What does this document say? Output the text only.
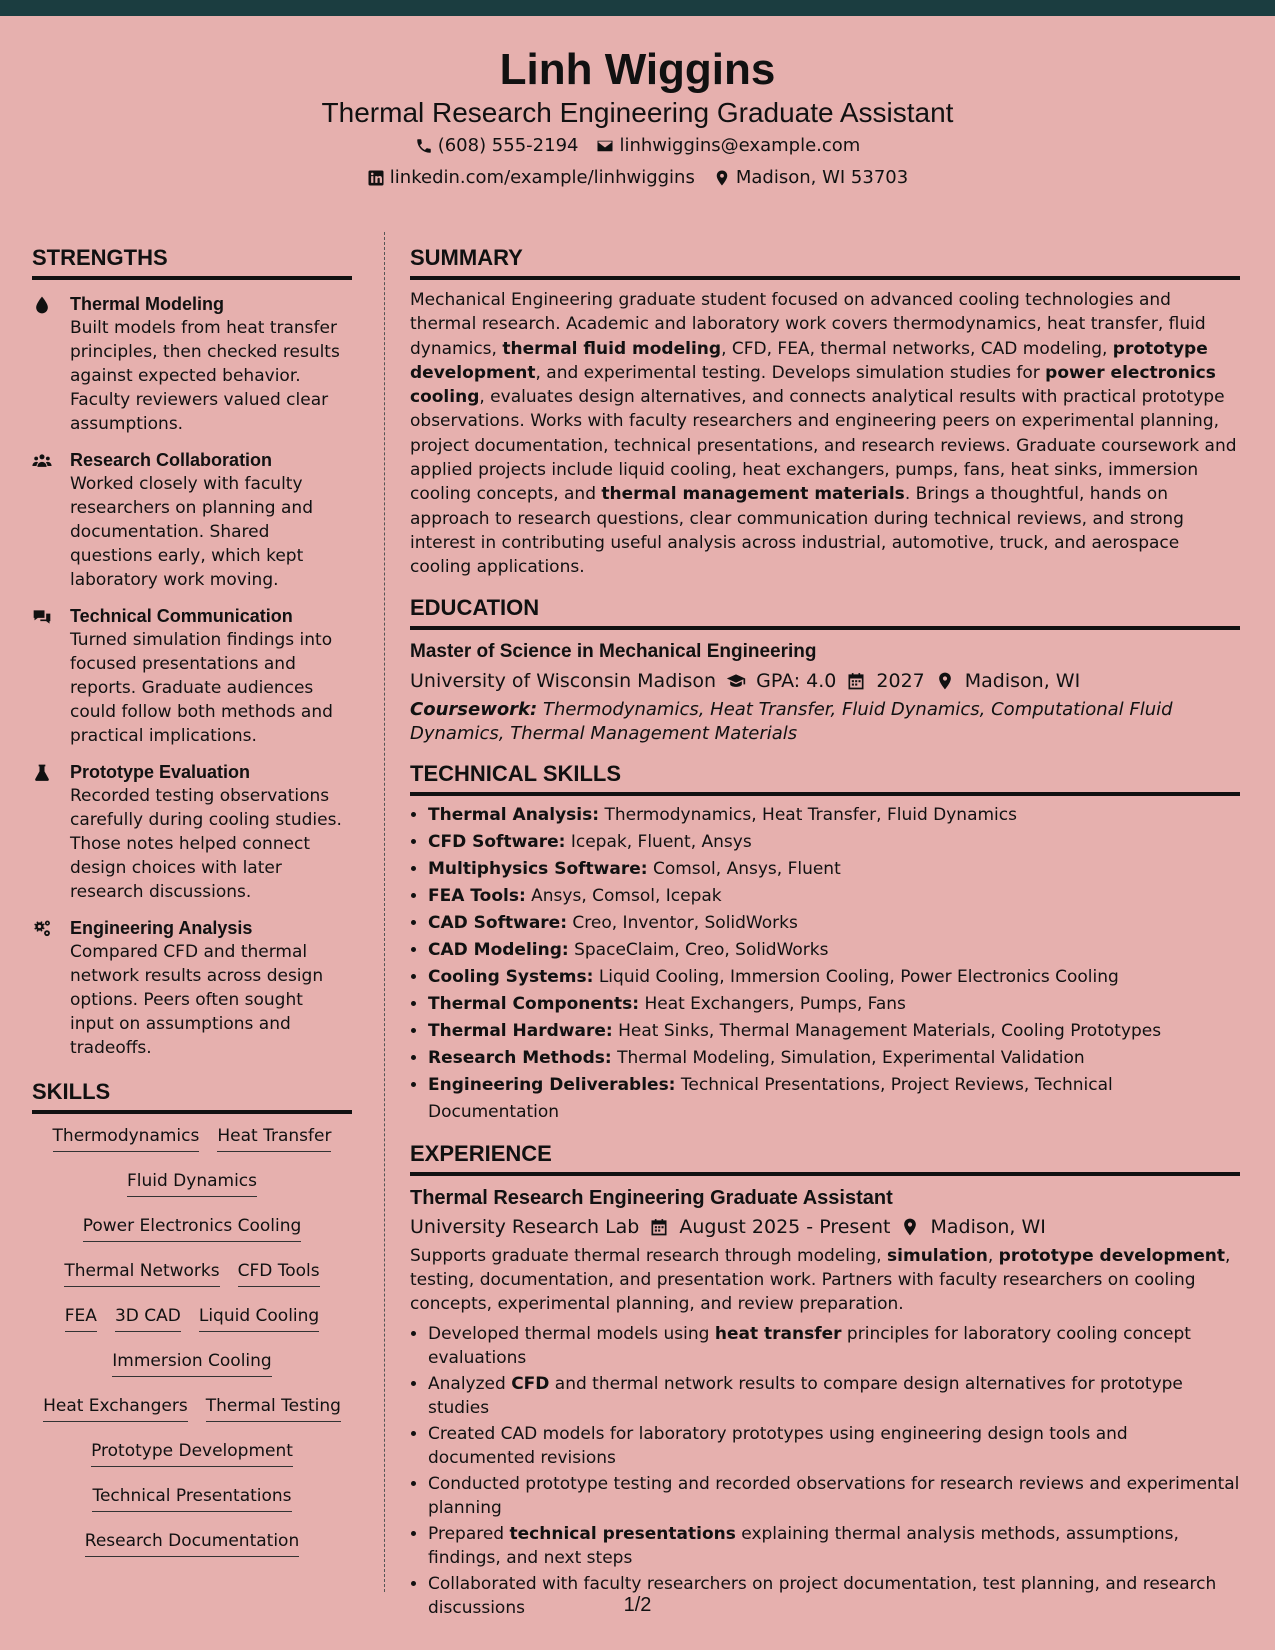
Linh Wiggins
Thermal Research Engineering Graduate Assistant
(608) 555-2194 linhwiggins@example.com
linkedin.com/example/linhwiggins Madison, WI 53703
STRENGTHS
Thermal Modeling
Built models from heat transfer principles, then checked results against expected behavior. Faculty reviewers valued clear assumptions.
Research Collaboration
Worked closely with faculty researchers on planning and documentation. Shared questions early, which kept laboratory work moving.
Technical Communication
Turned simulation findings into focused presentations and reports. Graduate audiences could follow both methods and practical implications.
Prototype Evaluation
Recorded testing observations carefully during cooling studies. Those notes helped connect design choices with later research discussions.
Engineering Analysis
Compared CFD and thermal network results across design options. Peers often sought input on assumptions and tradeoffs.
SKILLS
Thermodynamics Heat Transfer
Fluid Dynamics
Power Electronics Cooling
Thermal Networks CFD Tools
FEA 3D CAD Liquid Cooling
Immersion Cooling
Heat Exchangers Thermal Testing
Prototype Development
Technical Presentations
Research Documentation
SUMMARY
Mechanical Engineering graduate student focused on advanced cooling technologies and thermal research. Academic and laboratory work covers thermodynamics, heat transfer, fluid dynamics, thermal fluid modeling, CFD, FEA, thermal networks, CAD modeling, prototype development, and experimental testing. Develops simulation studies for power electronics cooling, evaluates design alternatives, and connects analytical results with practical prototype observations. Works with faculty researchers and engineering peers on experimental planning, project documentation, technical presentations, and research reviews. Graduate coursework and applied projects include liquid cooling, heat exchangers, pumps, fans, heat sinks, immersion cooling concepts, and thermal management materials. Brings a thoughtful, hands on approach to research questions, clear communication during technical reviews, and strong interest in contributing useful analysis across industrial, automotive, truck, and aerospace cooling applications.
EDUCATION
Master of Science in Mechanical Engineering
University of Wisconsin Madison GPA: 4.0 2027 Madison, WI
Coursework: Thermodynamics, Heat Transfer, Fluid Dynamics, Computational Fluid Dynamics, Thermal Management Materials
TECHNICAL SKILLS
• Thermal Analysis: Thermodynamics, Heat Transfer, Fluid Dynamics
• CFD Software: Icepak, Fluent, Ansys
• Multiphysics Software: Comsol, Ansys, Fluent
• FEA Tools: Ansys, Comsol, Icepak
• CAD Software: Creo, Inventor, SolidWorks
• CAD Modeling: SpaceClaim, Creo, SolidWorks
• Cooling Systems: Liquid Cooling, Immersion Cooling, Power Electronics Cooling
• Thermal Components: Heat Exchangers, Pumps, Fans
• Thermal Hardware: Heat Sinks, Thermal Management Materials, Cooling Prototypes
• Research Methods: Thermal Modeling, Simulation, Experimental Validation
• Engineering Deliverables: Technical Presentations, Project Reviews, Technical Documentation
EXPERIENCE
Thermal Research Engineering Graduate Assistant
University Research Lab August 2025 - Present Madison, WI
Supports graduate thermal research through modeling, simulation, prototype development, testing, documentation, and presentation work. Partners with faculty researchers on cooling concepts, experimental planning, and review preparation.
• Developed thermal models using heat transfer principles for laboratory cooling concept evaluations
• Analyzed CFD and thermal network results to compare design alternatives for prototype studies
• Created CAD models for laboratory prototypes using engineering design tools and documented revisions
• Conducted prototype testing and recorded observations for research reviews and experimental planning
• Prepared technical presentations explaining thermal analysis methods, assumptions, findings, and next steps
• Collaborated with faculty researchers on project documentation, test planning, and research discussions	1/2
